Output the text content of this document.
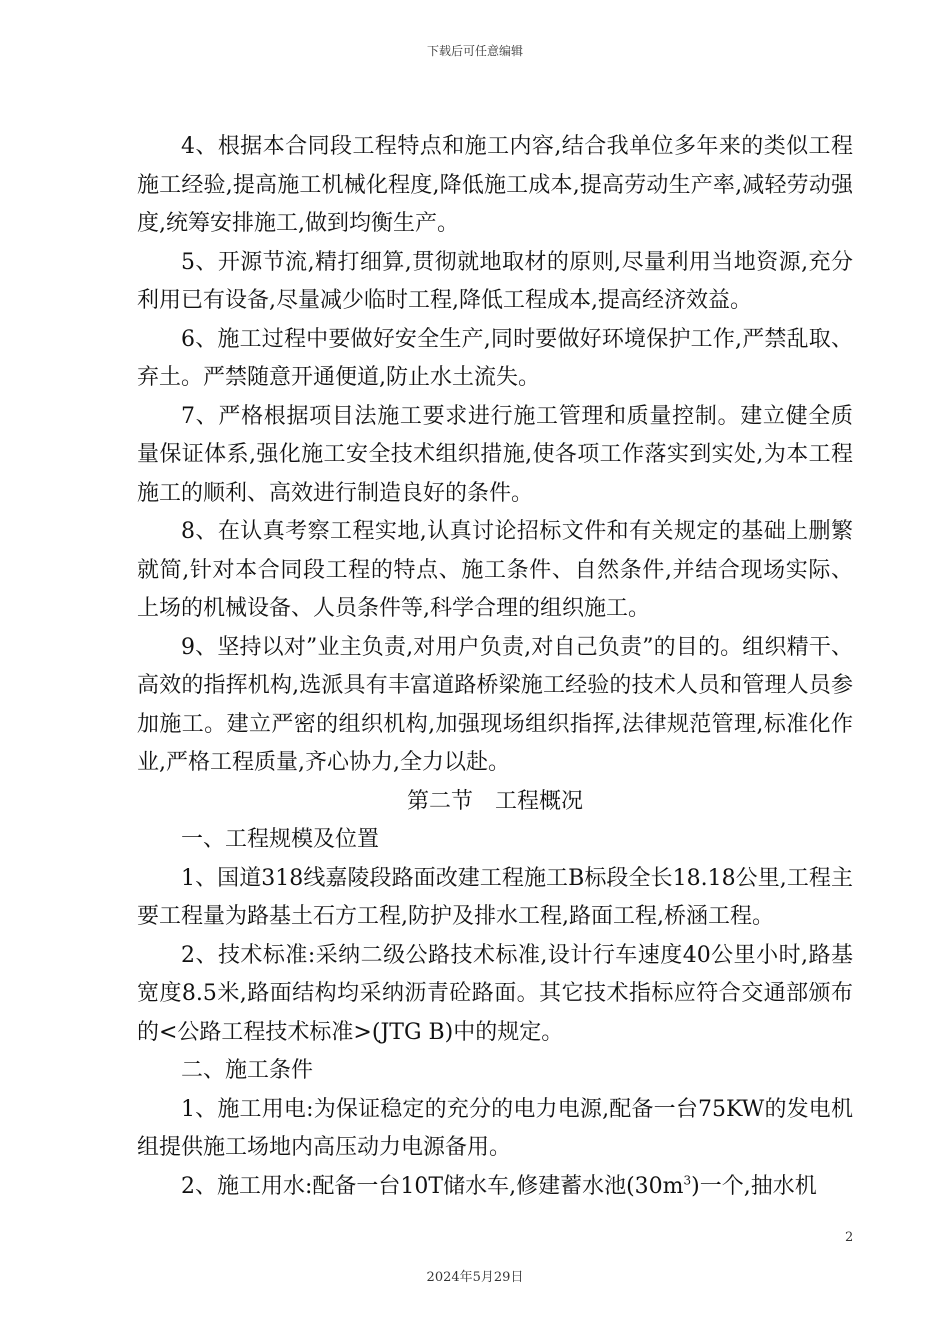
下载后可任意编辑

4、根据本合同段工程特点和施工内容,结合我单位多年来的类似工程施工经验,提高施工机械化程度,降低施工成本,提高劳动生产率,减轻劳动强度,统筹安排施工,做到均衡生产。

5、开源节流,精打细算,贯彻就地取材的原则,尽量利用当地资源,充分利用已有设备,尽量减少临时工程,降低工程成本,提高经济效益。

6、施工过程中要做好安全生产,同时要做好环境保护工作,严禁乱取、弃土。严禁随意开通便道,防止水土流失。

7、严格根据项目法施工要求进行施工管理和质量控制。建立健全质量保证体系,强化施工安全技术组织措施,使各项工作落实到实处,为本工程施工的顺利、高效进行制造良好的条件。

8、在认真考察工程实地,认真讨论招标文件和有关规定的基础上删繁就简,针对本合同段工程的特点、施工条件、自然条件,并结合现场实际、上场的机械设备、人员条件等,科学合理的组织施工。

9、坚持以对”业主负责,对用户负责,对自己负责”的目的。组织精干、高效的指挥机构,选派具有丰富道路桥梁施工经验的技术人员和管理人员参加施工。建立严密的组织机构,加强现场组织指挥,法律规范管理,标准化作业,严格工程质量,齐心协力,全力以赴。

第二节　工程概况

一、工程规模及位置

1、国道318线嘉陵段路面改建工程施工B标段全长18.18公里,工程主要工程量为路基土石方工程,防护及排水工程,路面工程,桥涵工程。

2、技术标准:采纳二级公路技术标准,设计行车速度40公里小时,路基宽度8.5米,路面结构均采纳沥青砼路面。其它技术指标应符合交通部颁布的<公路工程技术标准>(JTG B)中的规定。

二、施工条件

1、施工用电:为保证稳定的充分的电力电源,配备一台75KW的发电机组提供施工场地内高压动力电源备用。

2、施工用水:配备一台10T储水车,修建蓄水池$(30m^3)$一个,抽水机

2
2024年5月29日
